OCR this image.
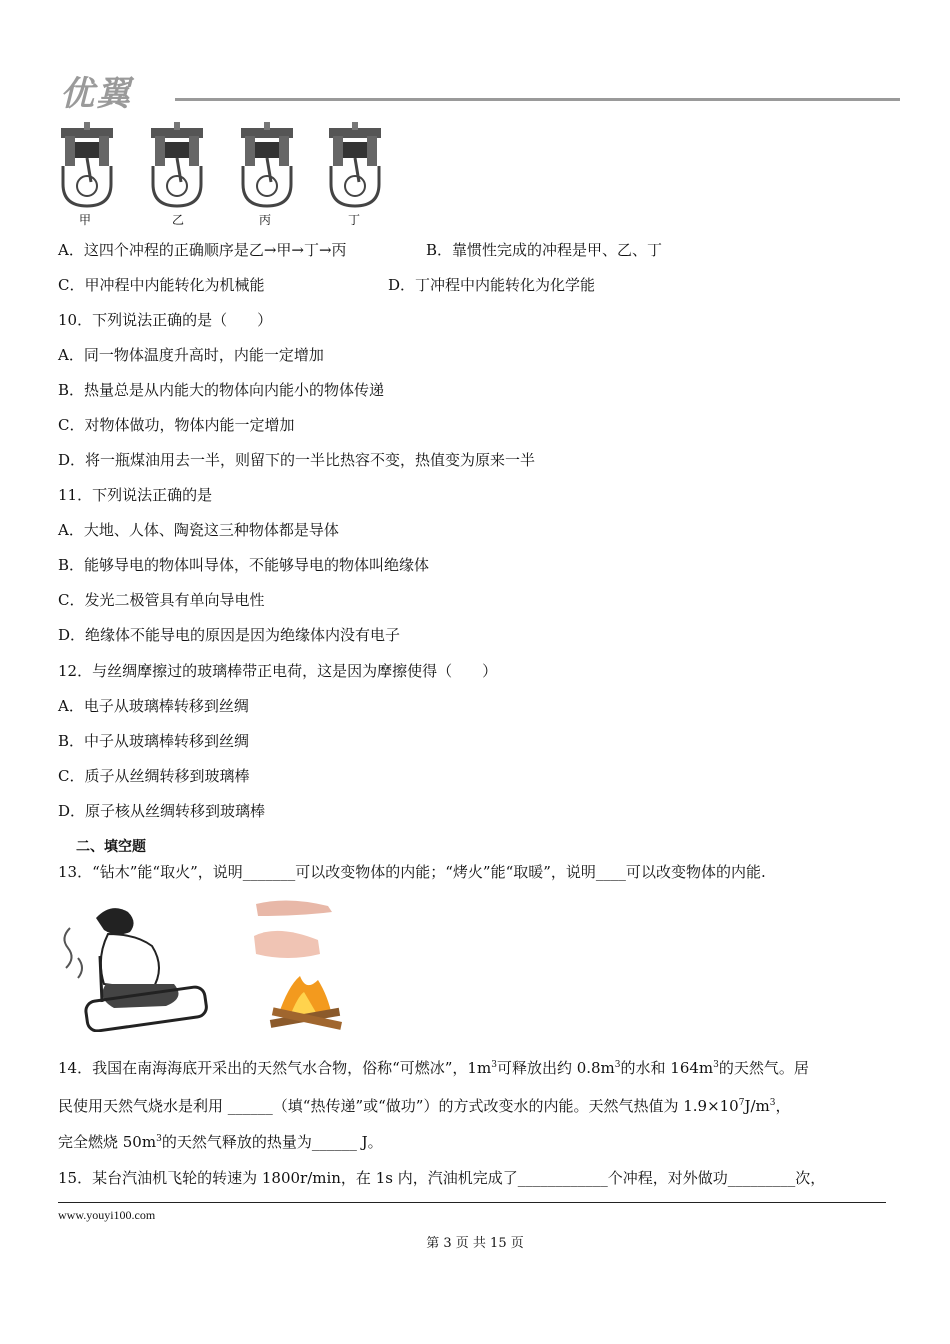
优翼
甲	乙	丙	丁
A．这四个冲程的正确顺序是乙→甲→丁→丙	B．靠惯性完成的冲程是甲、乙、丁
C．甲冲程中内能转化为机械能	D．丁冲程中内能转化为化学能
10．下列说法正确的是（　　）
A．同一物体温度升高时，内能一定增加
B．热量总是从内能大的物体向内能小的物体传递
C．对物体做功，物体内能一定增加
D．将一瓶煤油用去一半，则留下的一半比热容不变，热值变为原来一半
11．下列说法正确的是
A．大地、人体、陶瓷这三种物体都是导体
B．能够导电的物体叫导体，不能够导电的物体叫绝缘体
C．发光二极管具有单向导电性
D．绝缘体不能导电的原因是因为绝缘体内没有电子
12．与丝绸摩擦过的玻璃棒带正电荷，这是因为摩擦使得（　　）
A．电子从玻璃棒转移到丝绸
B．中子从玻璃棒转移到丝绸
C．质子从丝绸转移到玻璃棒
D．原子核从丝绸转移到玻璃棒
二、填空题
13．“钻木”能“取火”，说明_______可以改变物体的内能；“烤火”能“取暖”，说明____可以改变物体的内能.
14．我国在南海海底开采出的天然气水合物，俗称“可燃冰”，$1m^3$可释放出约 $0.8m^3$的水和 $164m^3$的天然气。居
民使用天然气烧水是利用 ______（填“热传递”或“做功”）的方式改变水的内能。天然气热值为 $1.9\times 10^7J/m^3$，
完全燃烧 $50m^3$的天然气释放的热量为______ J。
15．某台汽油机飞轮的转速为 1800r/min，在 1s 内，汽油机完成了____________个冲程，对外做功_________次，
www.youyi100.com
第 3 页 共 15 页
